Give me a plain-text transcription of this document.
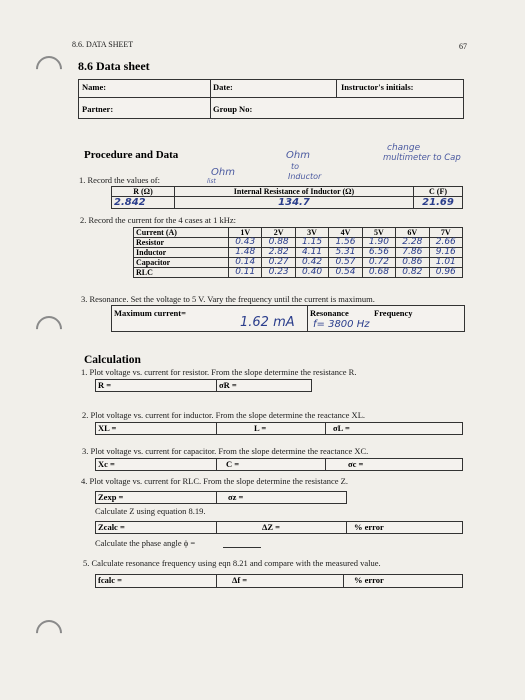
8.6. DATA SHEET	67
8.6 Data sheet
Name:	Date:	Instructor's initials:
Partner:	Group No:
Procedure and Data
Ohm
Ohm
to
Inductor
list
change
multimeter to Cap
1. Record the values of:
R (Ω)	Internal Resistance of Inductor (Ω)	C (F)
2.842	134.7	21.69
2. Record the current for the 4 cases at 1 kHz:
Current (A)	1V	2V	3V	4V	5V	6V	7V
Resistor	0.43	0.88	1.15	1.56	1.90	2.28	2.66
Inductor	1.48	2.82	4.11	5.31	6.56	7.86	9.16
Capacitor	0.14	0.27	0.42	0.57	0.72	0.86	1.01
RLC	0.11	0.23	0.40	0.54	0.68	0.82	0.96
3. Resonance. Set the voltage to 5 V. Vary the frequency until the current is maximum.
Maximum current=	Resonance	Frequency
1.62 mA f= 3800 Hz
Calculation
1. Plot voltage vs. current for resistor. From the slope determine the resistance R.
R =	σR =
2. Plot voltage vs. current for inductor. From the slope determine the reactance XL.
XL =	L =	σL =
3. Plot voltage vs. current for capacitor. From the slope determine the reactance XC.
Xc =	C =	σc =
4. Plot voltage vs. current for RLC. From the slope determine the resistance Z.
Zexp =	σz =
Calculate Z using equation 8.19.
Zcalc =	ΔZ =	% error
Calculate the phase angle ϕ =
5. Calculate resonance frequency using eqn 8.21 and compare with the measured value.
fcalc =	Δf =	% error
